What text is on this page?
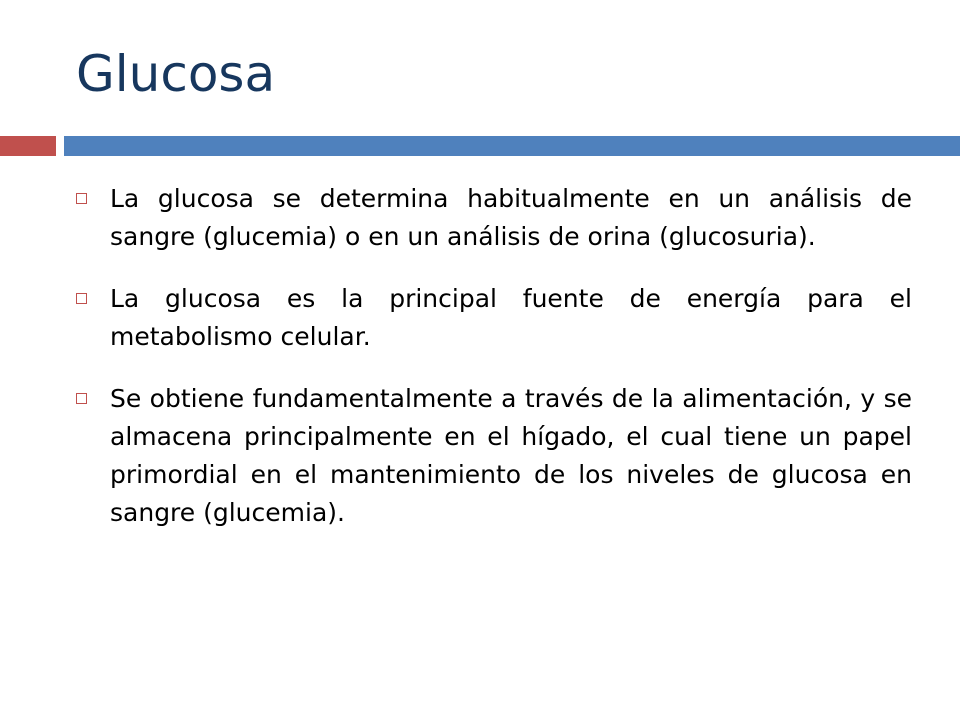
Glucosa
La glucosa se determina habitualmente en un análisis de sangre (glucemia) o en un análisis de orina (glucosuria).
La glucosa es la principal fuente de energía para el metabolismo celular.
Se obtiene fundamentalmente a través de la alimentación, y se almacena principalmente en el hígado, el cual tiene un papel primordial en el mantenimiento de los niveles de glucosa en sangre (glucemia).
